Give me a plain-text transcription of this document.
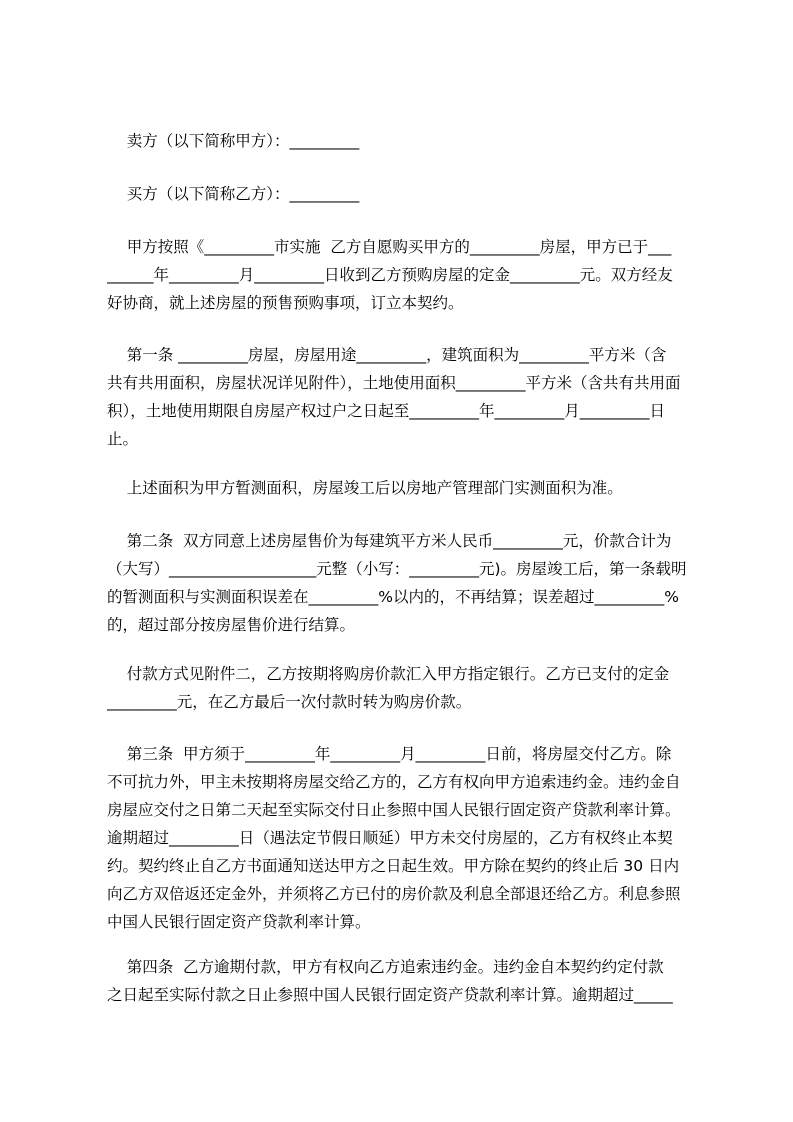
卖方（以下简称甲方）：_________
买方（以下简称乙方）：_________
甲方按照《_________市实施  乙方自愿购买甲方的_________房屋，甲方已于___
______年_________月_________日收到乙方预购房屋的定金_________元。双方经友
好协商，就上述房屋的预售预购事项，订立本契约。
第一条 _________房屋，房屋用途_________，建筑面积为_________平方米（含
共有共用面积，房屋状况详见附件），土地使用面积_________平方米（含共有共用面
积），土地使用期限自房屋产权过户之日起至_________年_________月_________日
止。
上述面积为甲方暂测面积，房屋竣工后以房地产管理部门实测面积为准。
第二条  双方同意上述房屋售价为每建筑平方米人民币_________元，价款合计为
（大写）___________________元整（小写：_________元)。房屋竣工后，第一条载明
的暂测面积与实测面积误差在_________%以内的，不再结算；误差超过_________%
的，超过部分按房屋售价进行结算。
付款方式见附件二，乙方按期将购房价款汇入甲方指定银行。乙方已支付的定金
_________元，在乙方最后一次付款时转为购房价款。
第三条  甲方须于_________年_________月_________日前，将房屋交付乙方。除
不可抗力外，甲主未按期将房屋交给乙方的，乙方有权向甲方追索违约金。违约金自
房屋应交付之日第二天起至实际交付日止参照中国人民银行固定资产贷款利率计算。
逾期超过_________日（遇法定节假日顺延）甲方未交付房屋的，乙方有权终止本契
约。契约终止自乙方书面通知送达甲方之日起生效。甲方除在契约的终止后 30 日内
向乙方双倍返还定金外，并须将乙方已付的房价款及利息全部退还给乙方。利息参照
中国人民银行固定资产贷款利率计算。
第四条  乙方逾期付款，甲方有权向乙方追索违约金。违约金自本契约约定付款
之日起至实际付款之日止参照中国人民银行固定资产贷款利率计算。逾期超过_____
